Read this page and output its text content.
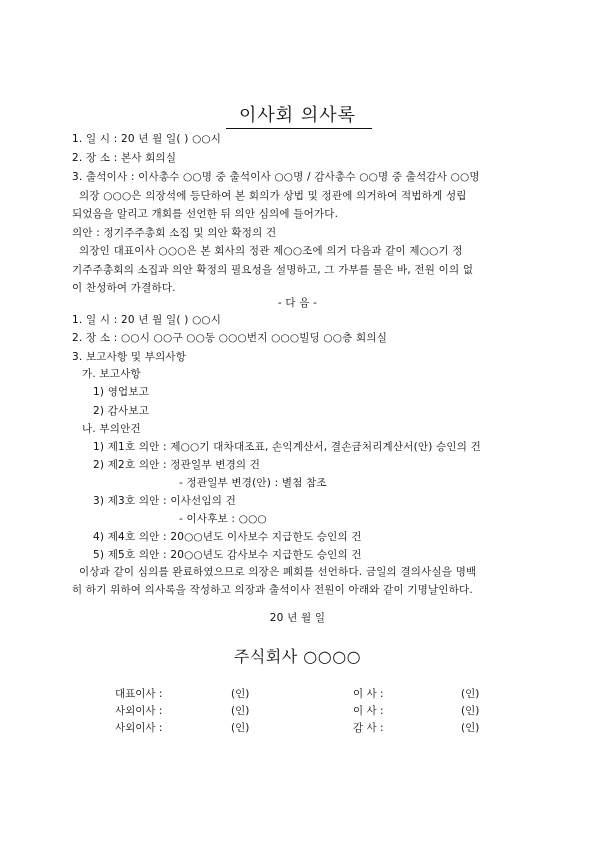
이사회 의사록
1. 일 시 : 20 년 월 일( ) ○○시
2. 장 소 : 본사 회의실
3. 출석이사 : 이사총수 ○○명 중 출석이사 ○○명 / 감사총수 ○○명 중 출석감사 ○○명
의장 ○○○은 의장석에 등단하여 본 회의가 상법 및 정관에 의거하여 적법하게 성립
되었음을 알리고 개회를 선언한 뒤 의안 심의에 들어가다.
의안 : 정기주주총회 소집 및 의안 확정의 건
의장인 대표이사 ○○○은 본 회사의 정관 제○○조에 의거 다음과 같이 제○○기 정
기주주총회의 소집과 의안 확정의 필요성을 설명하고, 그 가부를 물은 바, 전원 이의 없
이 찬성하여 가결하다.
- 다 음 -
1. 일 시 : 20 년 월 일( ) ○○시
2. 장 소 : ○○시 ○○구 ○○동 ○○○번지 ○○○빌딩 ○○층 회의실
3. 보고사항 및 부의사항
가. 보고사항
1) 영업보고
2) 감사보고
나. 부의안건
1) 제1호 의안 : 제○○기 대차대조표, 손익계산서, 결손금처리계산서(안) 승인의 건
2) 제2호 의안 : 정관일부 변경의 건
- 정관일부 변경(안) : 별첨 참조
3) 제3호 의안 : 이사선임의 건
- 이사후보 : ○○○
4) 제4호 의안 : 20○○년도 이사보수 지급한도 승인의 건
5) 제5호 의안 : 20○○년도 감사보수 지급한도 승인의 건
이상과 같이 심의를 완료하였으므로 의장은 폐회를 선언하다. 금일의 결의사실을 명백
히 하기 위하여 의사록을 작성하고 의장과 출석이사 전원이 아래와 같이 기명날인하다.
20 년 월 일
주식회사 ○○○○
대표이사 :	(인)	이 사 :	(인)
사외이사 :	(인)	이 사 :	(인)
사외이사 :	(인)	감 사 :	(인)
